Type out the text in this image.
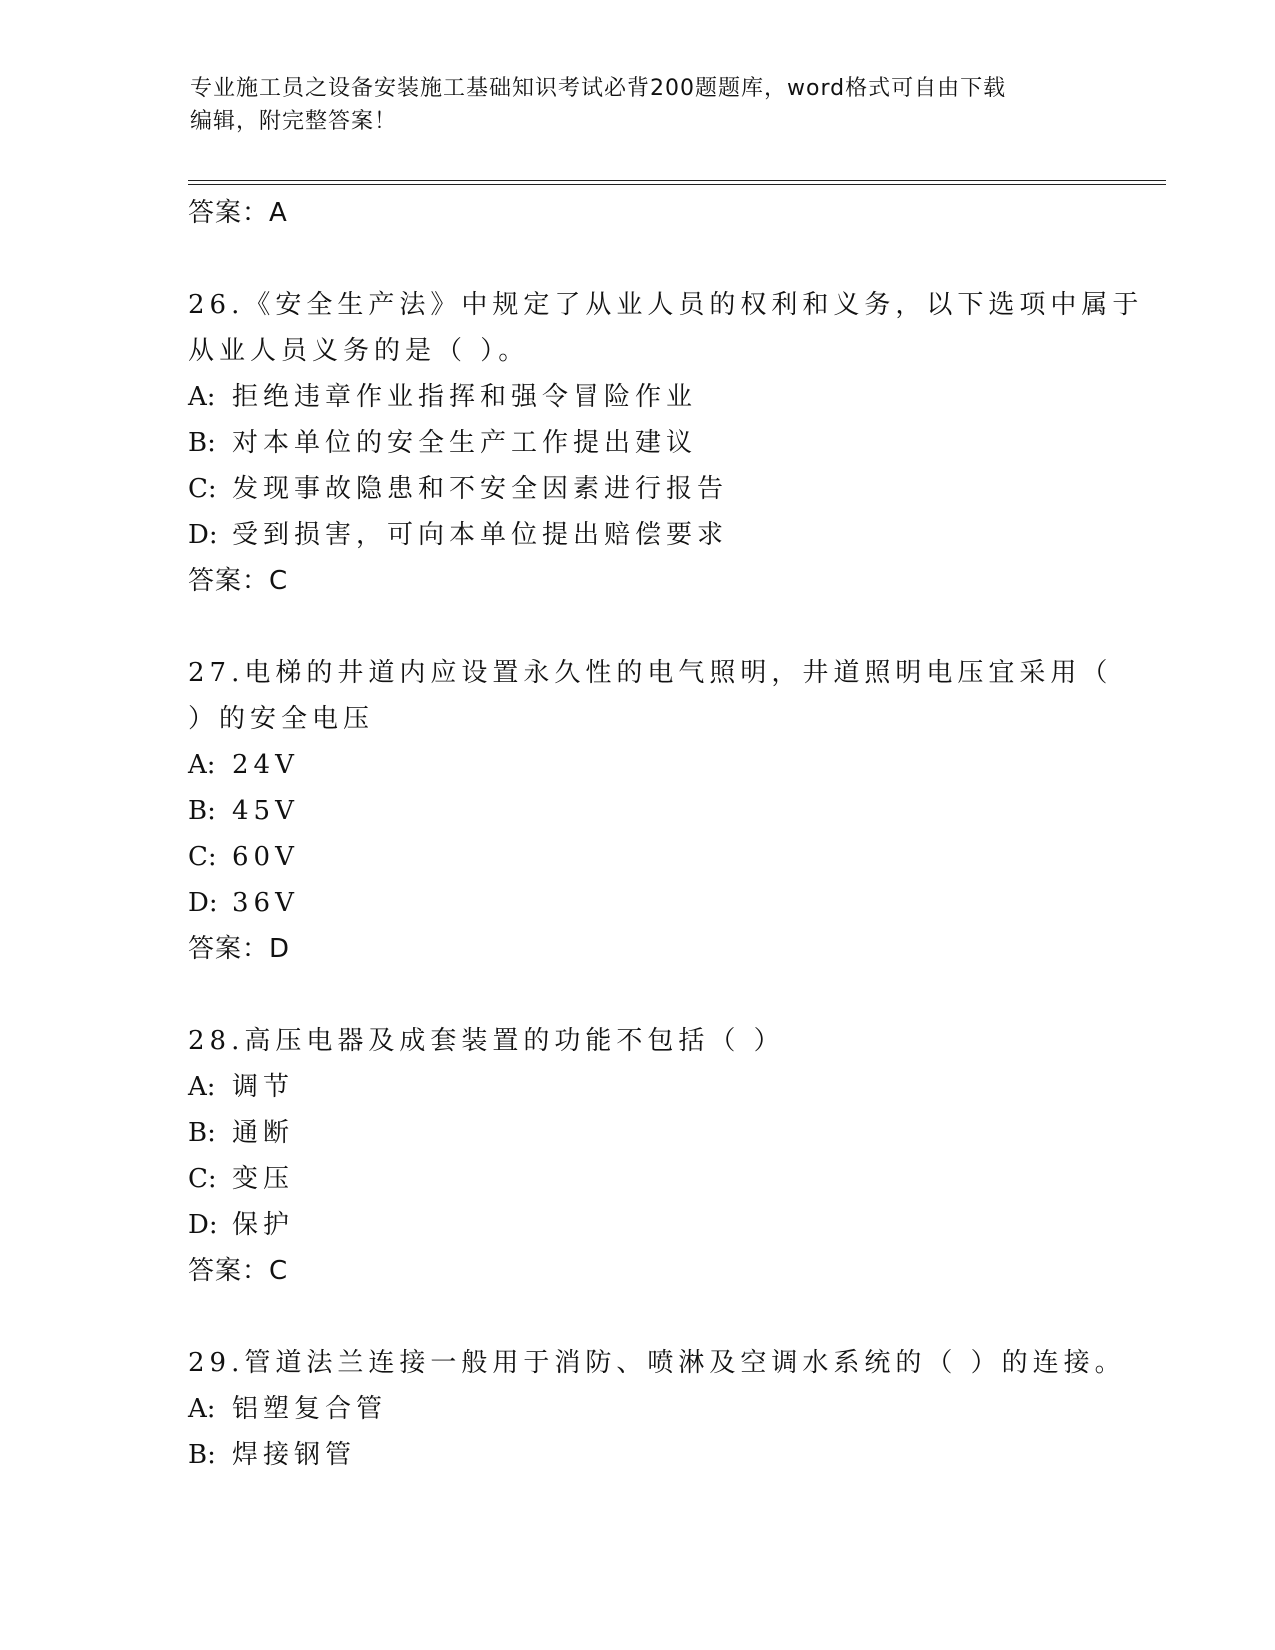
专业施工员之设备安装施工基础知识考试必背200题题库，word格式可自由下载
编辑，附完整答案！
答案：A
26.《安全生产法》中规定了从业人员的权利和义务，以下选项中属于
从业人员义务的是（ ）。
A: 拒绝违章作业指挥和强令冒险作业
B: 对本单位的安全生产工作提出建议
C: 发现事故隐患和不安全因素进行报告
D: 受到损害，可向本单位提出赔偿要求
答案：C
27.电梯的井道内应设置永久性的电气照明，井道照明电压宜采用（
）的安全电压
A: 24V
B: 45V
C: 60V
D: 36V
答案：D
28.高压电器及成套装置的功能不包括（ ）
A: 调节
B: 通断
C: 变压
D: 保护
答案：C
29.管道法兰连接一般用于消防、喷淋及空调水系统的（ ）的连接。
A: 铝塑复合管
B: 焊接钢管
